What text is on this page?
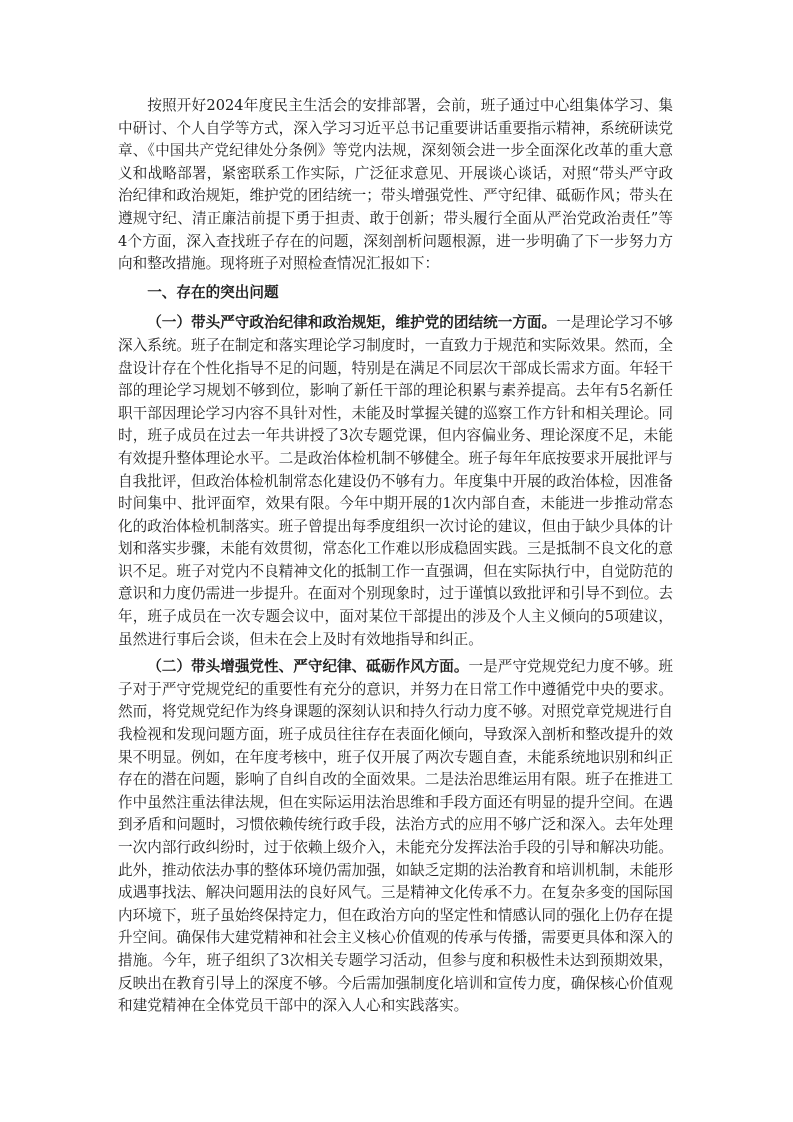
按照开好2024年度民主生活会的安排部署，会前，班子通过中心组集体学习、集中研讨、个人自学等方式，深入学习习近平总书记重要讲话重要指示精神，系统研读党章、《中国共产党纪律处分条例》等党内法规，深刻领会进一步全面深化改革的重大意义和战略部署，紧密联系工作实际，广泛征求意见、开展谈心谈话，对照“带头严守政治纪律和政治规矩，维护党的团结统一；带头增强党性、严守纪律、砥砺作风；带头在遵规守纪、清正廉洁前提下勇于担责、敢于创新；带头履行全面从严治党政治责任”等4个方面，深入查找班子存在的问题，深刻剖析问题根源，进一步明确了下一步努力方向和整改措施。现将班子对照检查情况汇报如下：

一、存在的突出问题

（一）带头严守政治纪律和政治规矩，维护党的团结统一方面。一是理论学习不够深入系统。班子在制定和落实理论学习制度时，一直致力于规范和实际效果。然而，全盘设计存在个性化指导不足的问题，特别是在满足不同层次干部成长需求方面。年轻干部的理论学习规划不够到位，影响了新任干部的理论积累与素养提高。去年有5名新任职干部因理论学习内容不具针对性，未能及时掌握关键的巡察工作方针和相关理论。同时，班子成员在过去一年共讲授了3次专题党课，但内容偏业务、理论深度不足，未能有效提升整体理论水平。二是政治体检机制不够健全。班子每年年底按要求开展批评与自我批评，但政治体检机制常态化建设仍不够有力。年度集中开展的政治体检，因准备时间集中、批评面窄，效果有限。今年中期开展的1次内部自查，未能进一步推动常态化的政治体检机制落实。班子曾提出每季度组织一次讨论的建议，但由于缺少具体的计划和落实步骤，未能有效贯彻，常态化工作难以形成稳固实践。三是抵制不良文化的意识不足。班子对党内不良精神文化的抵制工作一直强调，但在实际执行中，自觉防范的意识和力度仍需进一步提升。在面对个别现象时，过于谨慎以致批评和引导不到位。去年，班子成员在一次专题会议中，面对某位干部提出的涉及个人主义倾向的5项建议，虽然进行事后会谈，但未在会上及时有效地指导和纠正。

（二）带头增强党性、严守纪律、砥砺作风方面。一是严守党规党纪力度不够。班子对于严守党规党纪的重要性有充分的意识，并努力在日常工作中遵循党中央的要求。然而，将党规党纪作为终身课题的深刻认识和持久行动力度不够。对照党章党规进行自我检视和发现问题方面，班子成员往往存在表面化倾向，导致深入剖析和整改提升的效果不明显。例如，在年度考核中，班子仅开展了两次专题自查，未能系统地识别和纠正存在的潜在问题，影响了自纠自改的全面效果。二是法治思维运用有限。班子在推进工作中虽然注重法律法规，但在实际运用法治思维和手段方面还有明显的提升空间。在遇到矛盾和问题时，习惯依赖传统行政手段，法治方式的应用不够广泛和深入。去年处理一次内部行政纠纷时，过于依赖上级介入，未能充分发挥法治手段的引导和解决功能。此外，推动依法办事的整体环境仍需加强，如缺乏定期的法治教育和培训机制，未能形成遇事找法、解决问题用法的良好风气。三是精神文化传承不力。在复杂多变的国际国内环境下，班子虽始终保持定力，但在政治方向的坚定性和情感认同的强化上仍存在提升空间。确保伟大建党精神和社会主义核心价值观的传承与传播，需要更具体和深入的措施。今年，班子组织了3次相关专题学习活动，但参与度和积极性未达到预期效果，反映出在教育引导上的深度不够。今后需加强制度化培训和宣传力度，确保核心价值观和建党精神在全体党员干部中的深入人心和实践落实。
